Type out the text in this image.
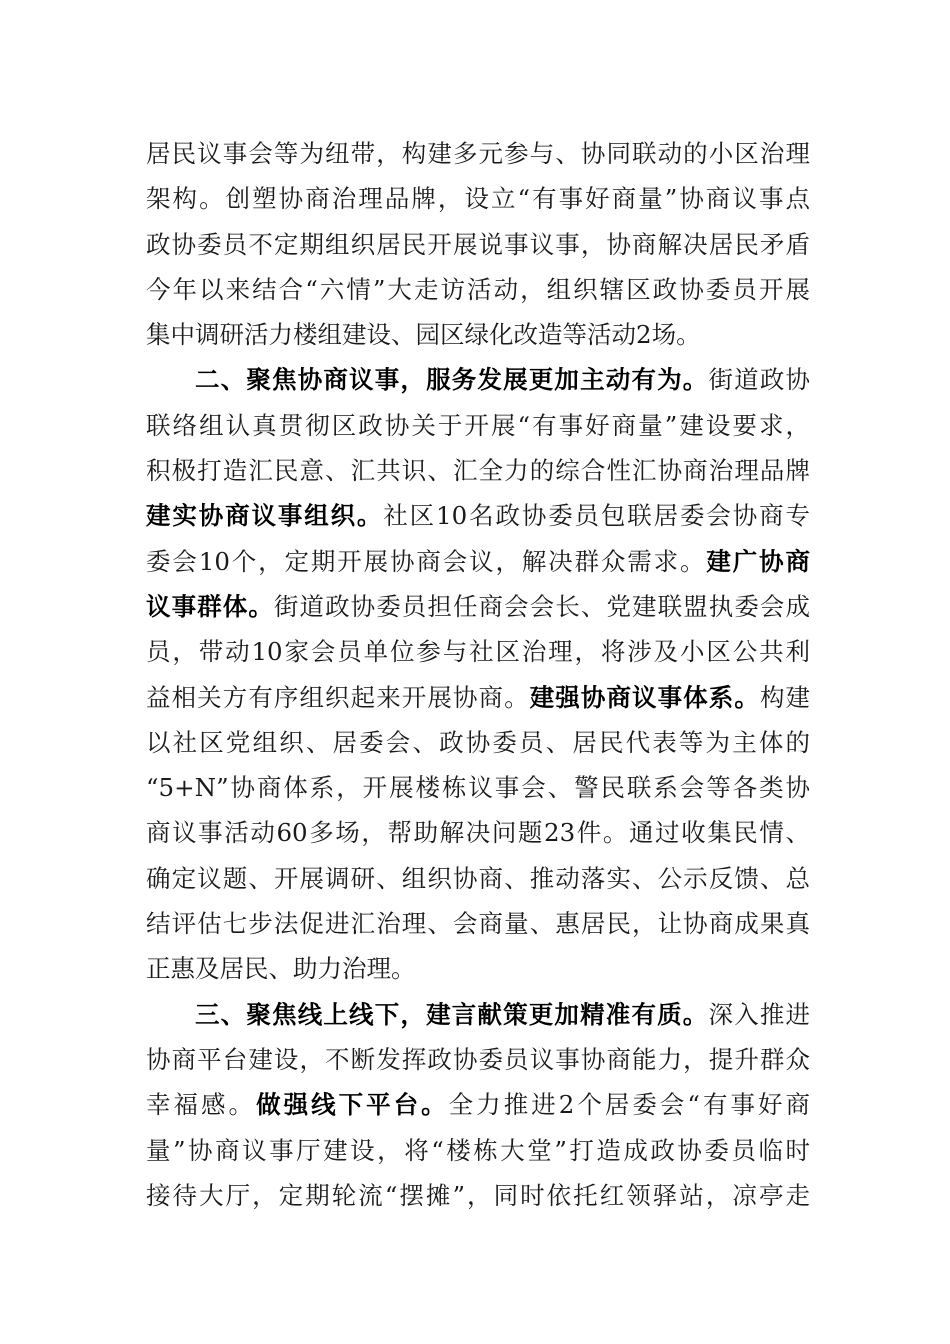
居民议事会等为纽带，构建多元参与、协同联动的小区治理
架构。创塑协商治理品牌，设立“有事好商量”协商议事点
政协委员不定期组织居民开展说事议事，协商解决居民矛盾
今年以来结合“六情”大走访活动，组织辖区政协委员开展
集中调研活力楼组建设、园区绿化改造等活动2场。
二、聚焦协商议事，服务发展更加主动有为。街道政协
联络组认真贯彻区政协关于开展“有事好商量”建设要求，
积极打造汇民意、汇共识、汇全力的综合性汇协商治理品牌
建实协商议事组织。社区10名政协委员包联居委会协商专
委会10个，定期开展协商会议，解决群众需求。建广协商
议事群体。街道政协委员担任商会会长、党建联盟执委会成
员，带动10家会员单位参与社区治理，将涉及小区公共利
益相关方有序组织起来开展协商。建强协商议事体系。构建
以社区党组织、居委会、政协委员、居民代表等为主体的
“5+N”协商体系，开展楼栋议事会、警民联系会等各类协
商议事活动60多场，帮助解决问题23件。通过收集民情、
确定议题、开展调研、组织协商、推动落实、公示反馈、总
结评估七步法促进汇治理、会商量、惠居民，让协商成果真
正惠及居民、助力治理。
三、聚焦线上线下，建言献策更加精准有质。深入推进
协商平台建设，不断发挥政协委员议事协商能力，提升群众
幸福感。做强线下平台。全力推进2个居委会“有事好商
量”协商议事厅建设，将“楼栋大堂”打造成政协委员临时
接待大厅，定期轮流“摆摊”，同时依托红领驿站，凉亭走
